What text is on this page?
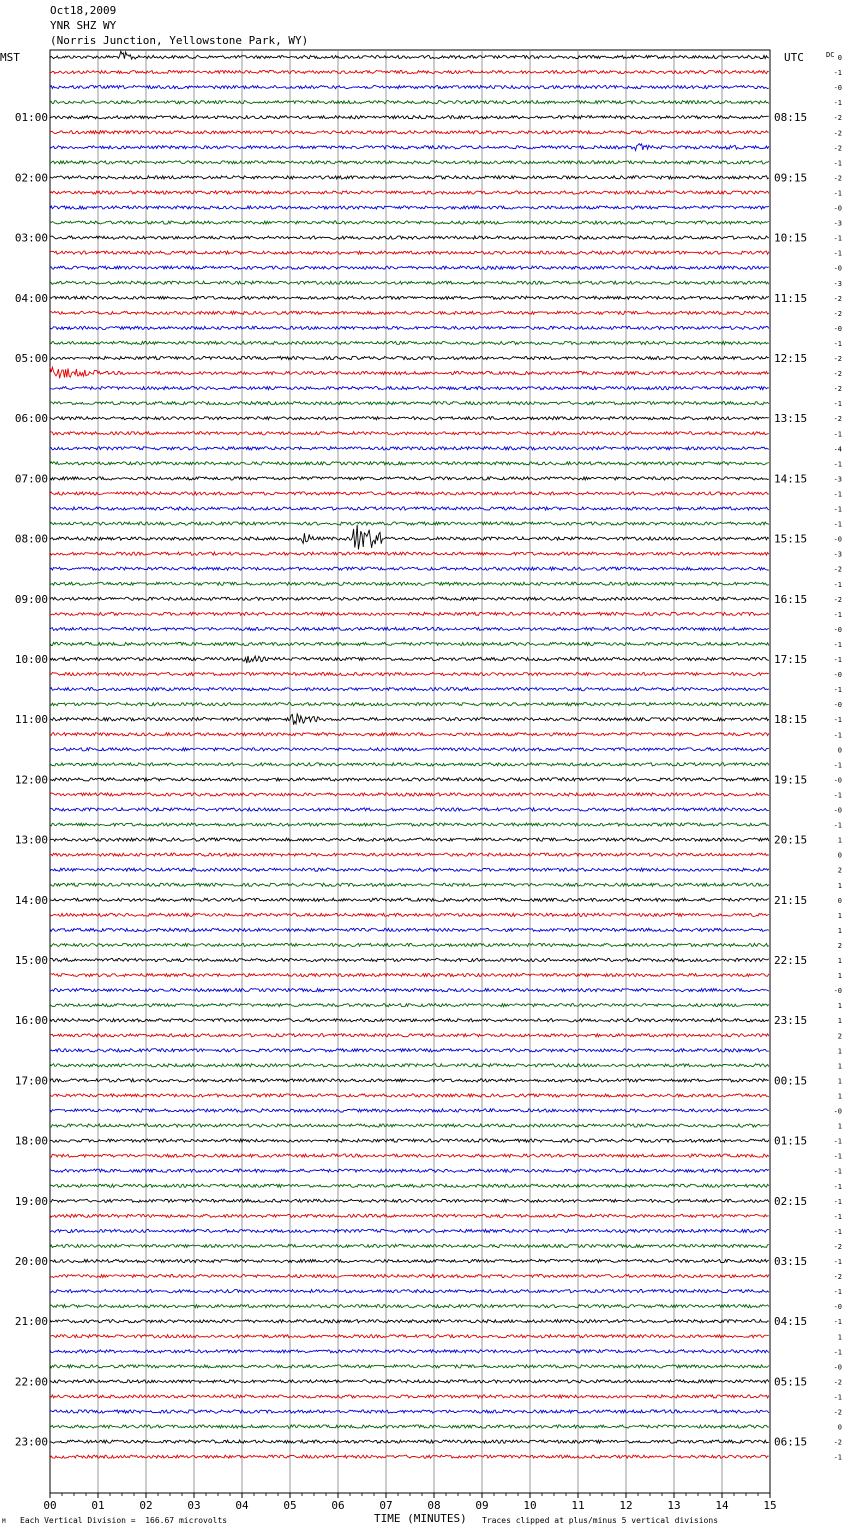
Oct18,2009
YNR SHZ WY
(Norris Junction, Yellowstone Park, WY)
MST	UTC
00	01	02	03	04	05	06	07	08	09	10	11	12	13	14	15
0
-1
-0
-1
-2
-2
-2
-1
-2
-1
-0
-3
-1
-1
-0
-3
-2
-2
-0
-1
-2
-2
-2
-1
-2
-1
-4
-1
-3
-1
-1
-1
-0
-3
-2
-1
-2
-1
-0
-1
-1
-0
-1
-0
-1
-1
0
-1
-0
-1
-0
-1
1
0
2
1
0
1
1
2
1
1
-0
1
1
2
1
1
1
1
-0
1
-1
-1
-1
-1
-1
-1
-1
-2
-1
-2
-1
-0
-1
1
-1
-0
-2
-1
-2
0
-2
-1
01:00
02:00
03:00
04:00
05:00
06:00
07:00
08:00
09:00
10:00
11:00
12:00
13:00
14:00
15:00
16:00
17:00
18:00
19:00
20:00
21:00
22:00
23:00
08:15
09:15
10:15
11:15
12:15
13:15
14:15
15:15
16:15
17:15
18:15
19:15
20:15
21:15
22:15
23:15
00:15
01:15
02:15
03:15
04:15
05:15
06:15
DC
TIME (MINUTES)
Each Vertical Division =  166.67 microvolts	Traces clipped at plus/minus 5 vertical divisions
M
